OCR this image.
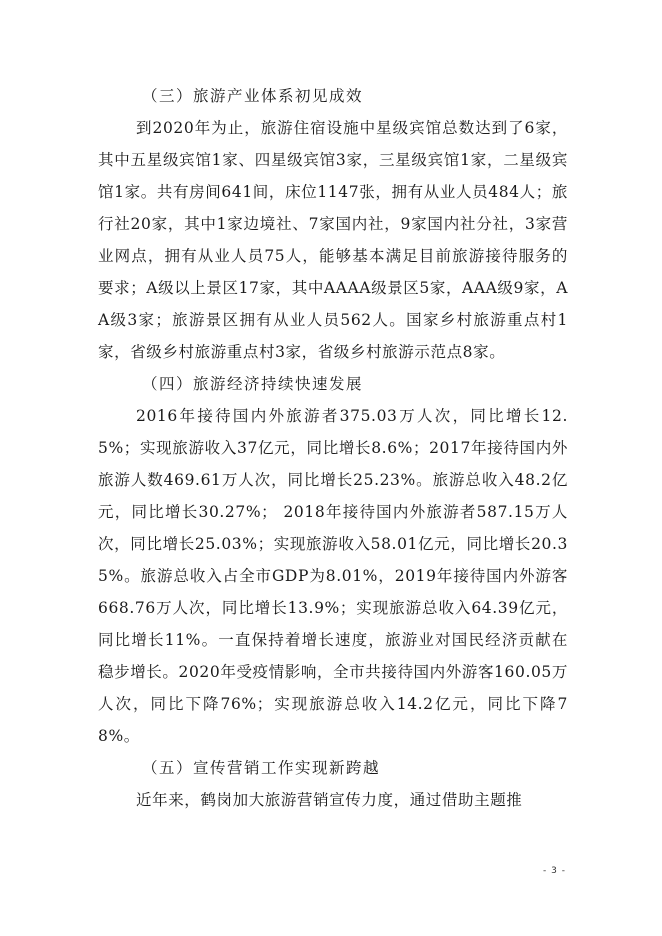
（三）旅游产业体系初见成效

到2020年为止，旅游住宿设施中星级宾馆总数达到了6家，其中五星级宾馆1家、四星级宾馆3家，三星级宾馆1家，二星级宾馆1家。共有房间641间，床位1147张，拥有从业人员484人；旅行社20家，其中1家边境社、7家国内社，9家国内社分社，3家营业网点，拥有从业人员75人，能够基本满足目前旅游接待服务的要求；A级以上景区17家，其中AAAA级景区5家，AAA级9家，AA级3家；旅游景区拥有从业人员562人。国家乡村旅游重点村1家，省级乡村旅游重点村3家，省级乡村旅游示范点8家。

（四）旅游经济持续快速发展

2016年接待国内外旅游者375.03万人次，同比增长12.5%；实现旅游收入37亿元，同比增长8.6%；2017年接待国内外旅游人数469.61万人次，同比增长25.23%。旅游总收入48.2亿元，同比增长30.27%； 2018年接待国内外旅游者587.15万人次，同比增长25.03%；实现旅游收入58.01亿元，同比增长20.35%。旅游总收入占全市GDP为8.01%，2019年接待国内外游客668.76万人次，同比增长13.9%；实现旅游总收入64.39亿元，同比增长11%。一直保持着增长速度，旅游业对国民经济贡献在稳步增长。2020年受疫情影响，全市共接待国内外游客160.05万人次，同比下降76%；实现旅游总收入14.2亿元，同比下降78%。

（五）宣传营销工作实现新跨越

近年来，鹤岗加大旅游营销宣传力度，通过借助主题推

- 3 -
